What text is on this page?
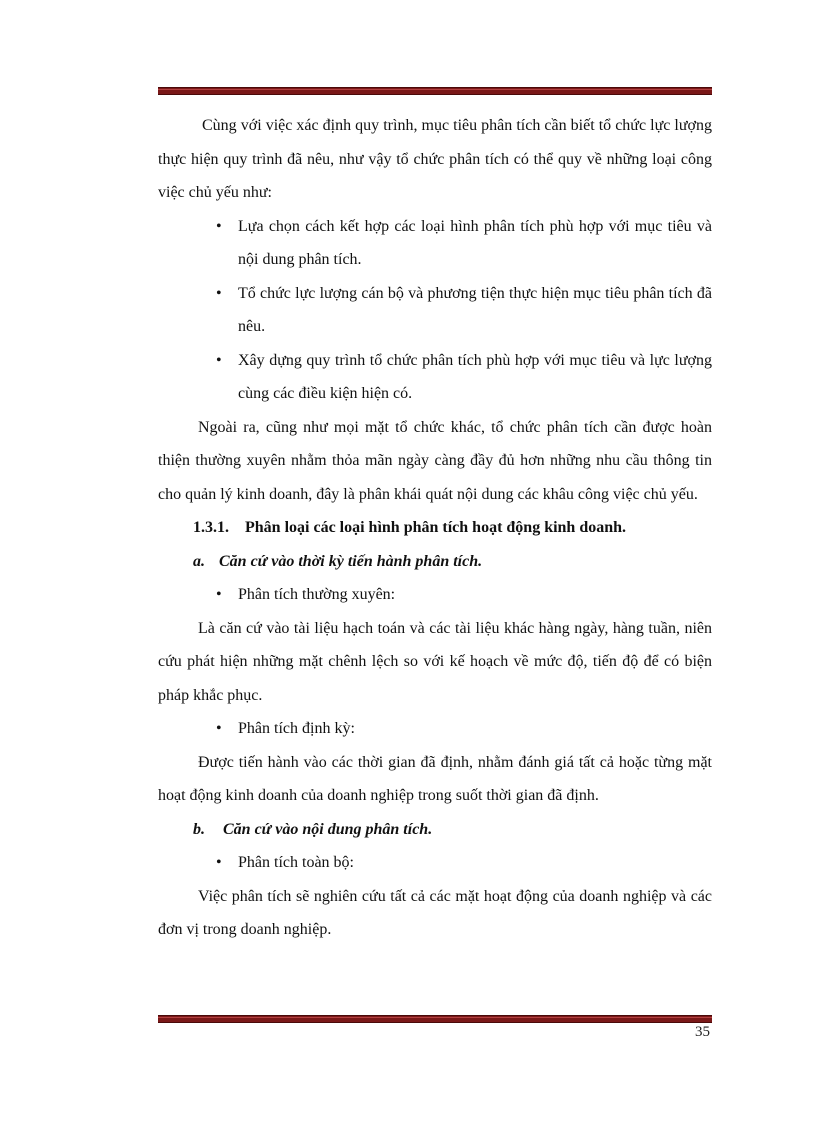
Cùng với việc xác định quy trình, mục tiêu phân tích cần biết tổ chức lực lượng thực hiện quy trình đã nêu, như vậy tổ chức phân tích có thể quy về những loại công việc chủ yếu như:

• Lựa chọn cách kết hợp các loại hình phân tích phù hợp với mục tiêu và nội dung phân tích.

• Tổ chức lực lượng cán bộ và phương tiện thực hiện mục tiêu phân tích đã nêu.

• Xây dựng quy trình tổ chức phân tích phù hợp với mục tiêu và lực lượng cùng các điều kiện hiện có.

Ngoài ra, cũng như mọi mặt tổ chức khác, tổ chức phân tích cần được hoàn thiện thường xuyên nhằm thỏa mãn ngày càng đầy đủ hơn những nhu cầu thông tin cho quản lý kinh doanh, đây là phân khái quát nội dung các khâu công việc chủ yếu.

1.3.1. Phân loại các loại hình phân tích hoạt động kinh doanh.

a. Căn cứ vào thời kỳ tiến hành phân tích.

• Phân tích thường xuyên:

Là căn cứ vào tài liệu hạch toán và các tài liệu khác hàng ngày, hàng tuần, niên cứu phát hiện những mặt chênh lệch so với kế hoạch về mức độ, tiến độ để có biện pháp khắc phục.

• Phân tích định kỳ:

Được tiến hành vào các thời gian đã định, nhằm đánh giá tất cả hoặc từng mặt hoạt động kinh doanh của doanh nghiệp trong suốt thời gian đã định.

b. Căn cứ vào nội dung phân tích.

• Phân tích toàn bộ:

Việc phân tích sẽ nghiên cứu tất cả các mặt hoạt động của doanh nghiệp và các đơn vị trong doanh nghiệp.

35
